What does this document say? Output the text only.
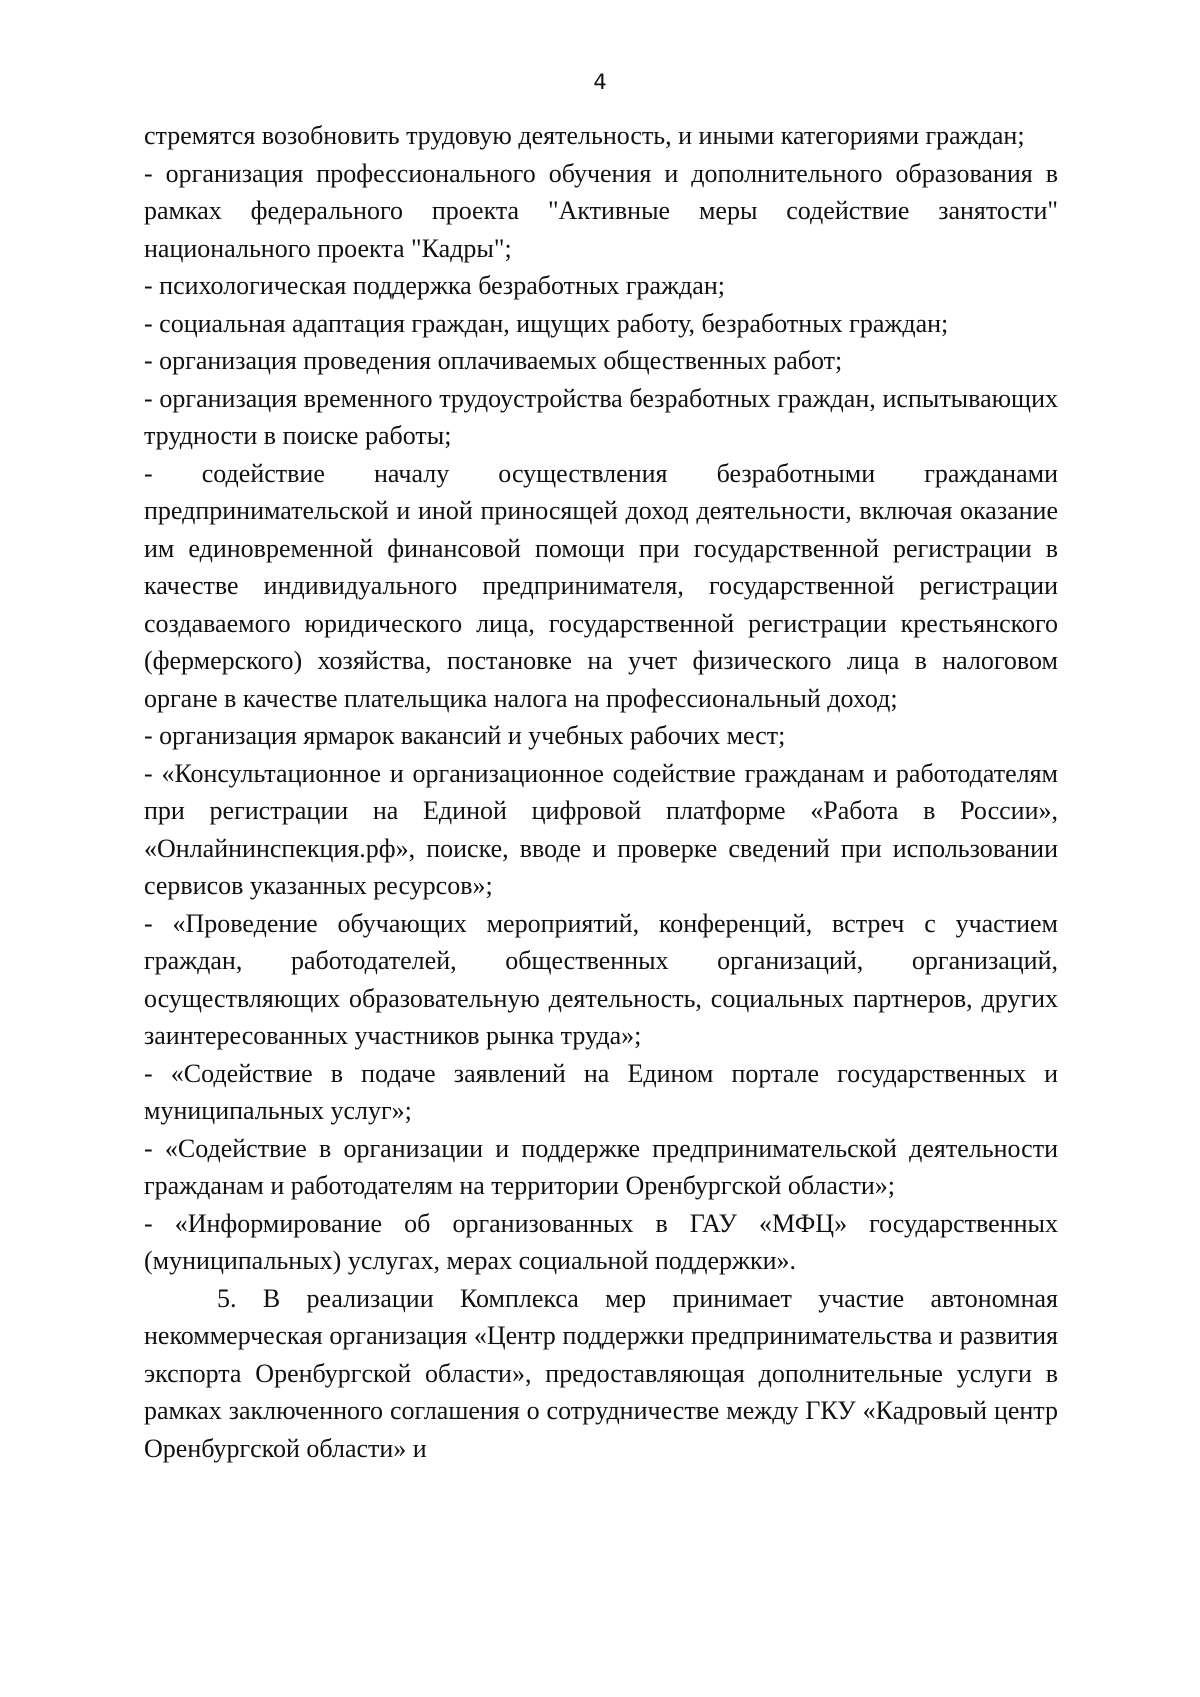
4

стремятся возобновить трудовую деятельность, и иными категориями граждан;

- организация профессионального обучения и дополнительного образования в рамках федерального проекта "Активные меры содействие занятости" национального проекта "Кадры";

- психологическая поддержка безработных граждан;

- социальная адаптация граждан, ищущих работу, безработных граждан;

- организация проведения оплачиваемых общественных работ;

- организация временного трудоустройства безработных граждан, испытывающих трудности в поиске работы;

- содействие началу осуществления безработными гражданами предпринимательской и иной приносящей доход деятельности, включая оказание им единовременной финансовой помощи при государственной регистрации в качестве индивидуального предпринимателя, государственной регистрации создаваемого юридического лица, государственной регистрации крестьянского (фермерского) хозяйства, постановке на учет физического лица в налоговом органе в качестве плательщика налога на профессиональный доход;

- организация ярмарок вакансий и учебных рабочих мест;

- «Консультационное и организационное содействие гражданам и работодателям при регистрации на Единой цифровой платформе «Работа в России», «Онлайнинспекция.рф», поиске, вводе и проверке сведений при использовании сервисов указанных ресурсов»;

- «Проведение обучающих мероприятий, конференций, встреч с участием граждан, работодателей, общественных организаций, организаций, осуществляющих образовательную деятельность, социальных партнеров, других заинтересованных участников рынка труда»;

- «Содействие в подаче заявлений на Едином портале государственных и муниципальных услуг»;

- «Содействие в организации и поддержке предпринимательской деятельности гражданам и работодателям на территории Оренбургской области»;

- «Информирование об организованных в ГАУ «МФЦ» государственных (муниципальных) услугах, мерах социальной поддержки».

5. В реализации Комплекса мер принимает участие автономная некоммерческая организация «Центр поддержки предпринимательства и развития экспорта Оренбургской области», предоставляющая дополнительные услуги в рамках заключенного соглашения о сотрудничестве между ГКУ «Кадровый центр Оренбургской области» и
